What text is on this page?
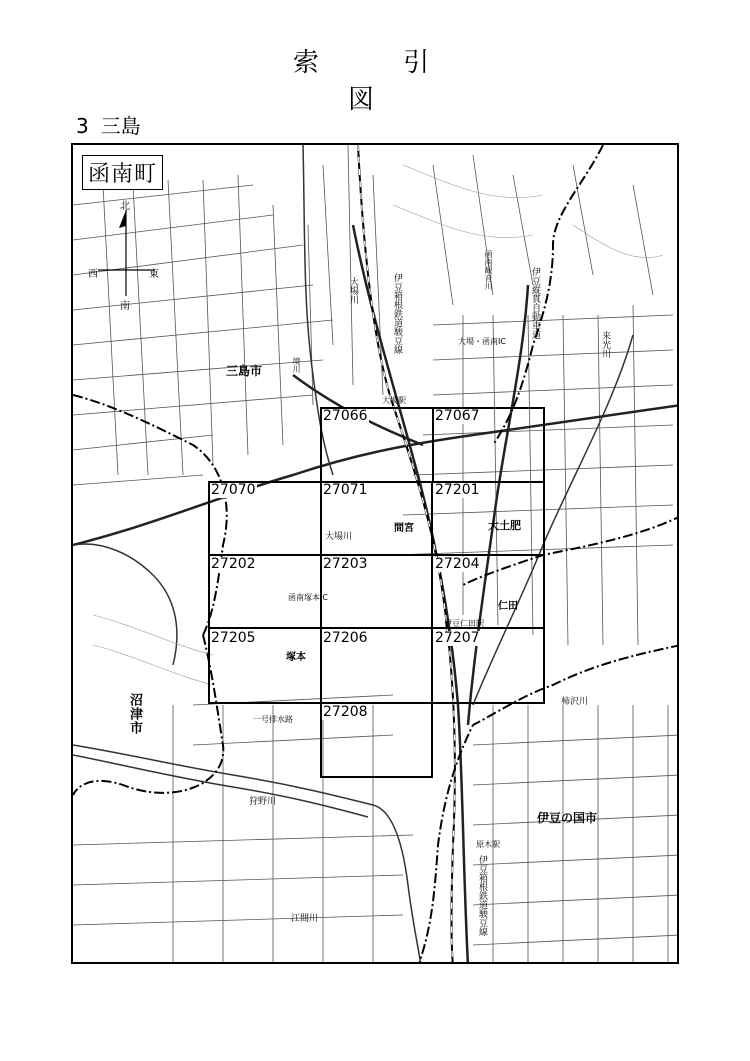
索 引 図
3 三島
函南町
北
南
西	東
27066	27067
27070	27071	27201
27202	27203	27204
27205	27206	27207
27208
三島市
沼津市
伊豆の国市
大土肥
間宮
仁田
塚本
大場川
大場川
狩野川
江間川
柿沢川
来光川
函南観音川
境川
伊豆箱根鉄道駿豆線
伊豆箱根鉄道駿豆線
伊豆縦貫自動車道
大場駅
伊豆仁田駅
原木駅
大場・函南IC
函南塚本IC
一号排水路
